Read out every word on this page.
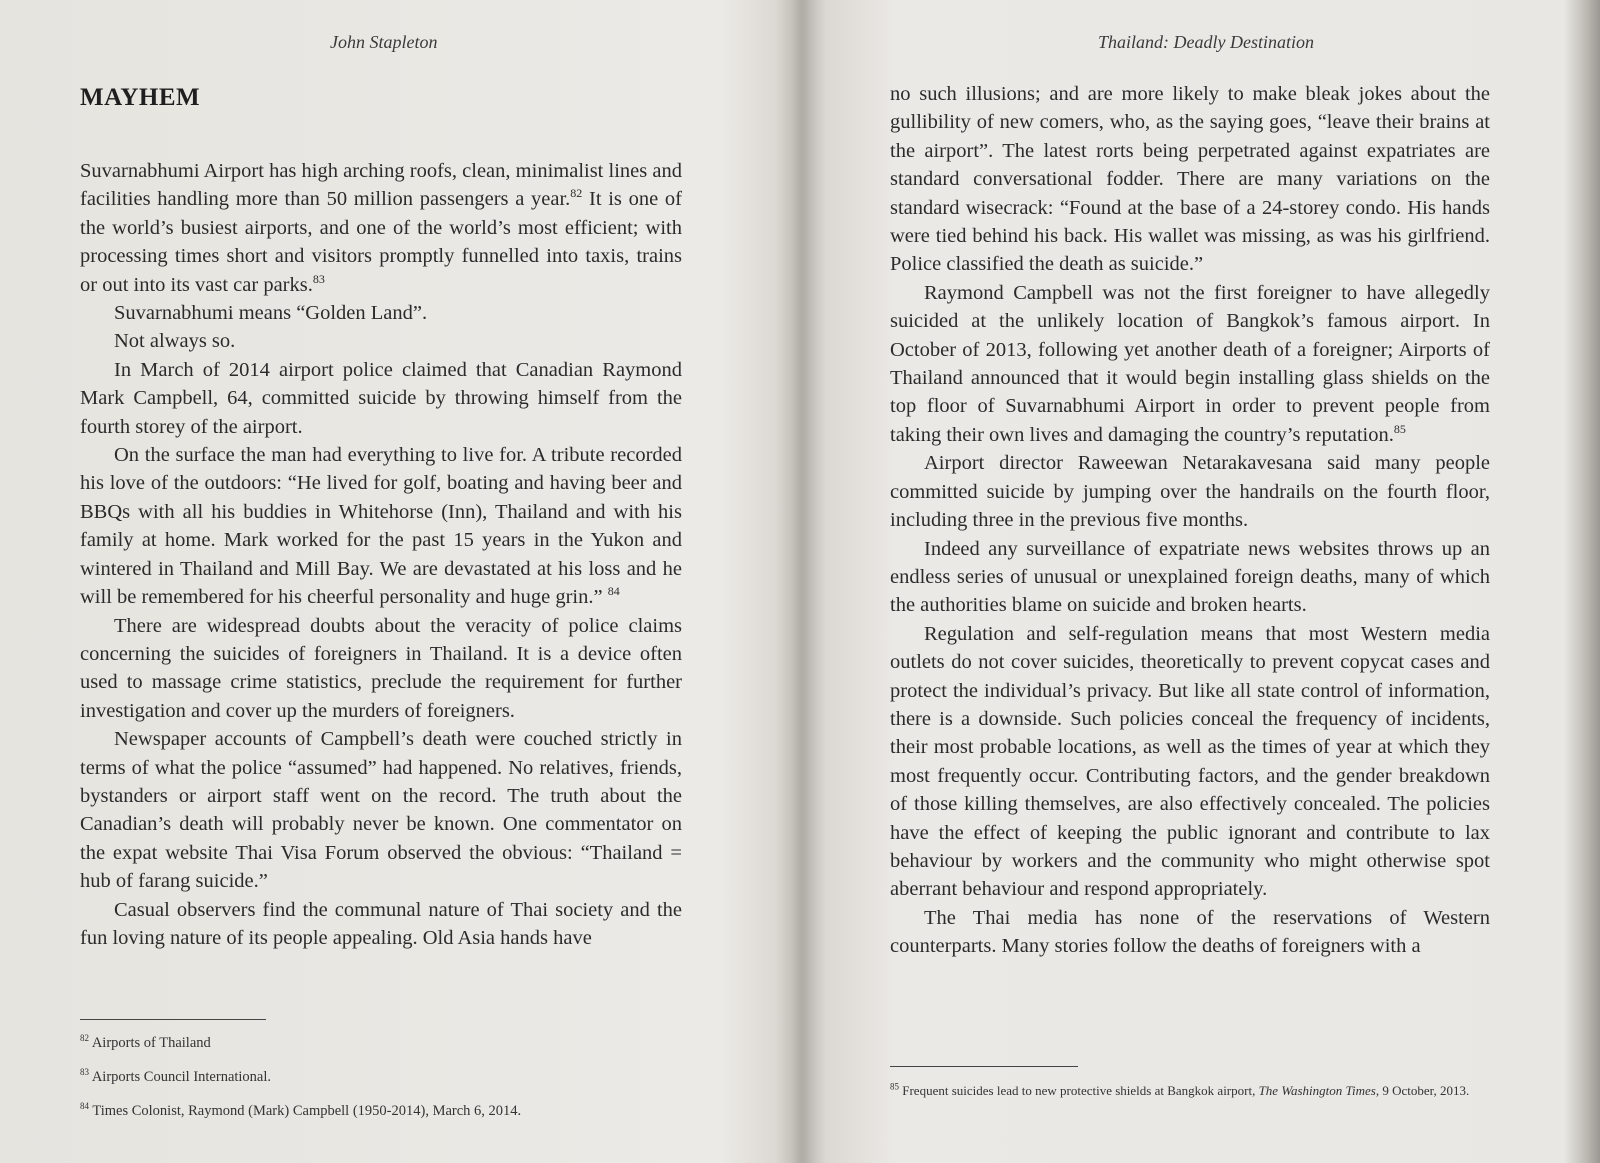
John Stapleton
MAYHEM

Suvarnabhumi Airport has high arching roofs, clean, minimalist lines and facilities handling more than 50 million passengers a year.$^{82}$ It is one of the world’s busiest airports, and one of the world’s most efficient; with processing times short and visitors promptly funnelled into taxis, trains or out into its vast car parks.$^{83}$

Suvarnabhumi means “Golden Land”.

Not always so.

In March of 2014 airport police claimed that Canadian Raymond Mark Campbell, 64, committed suicide by throwing himself from the fourth storey of the airport.

On the surface the man had everything to live for. A tribute recorded his love of the outdoors: “He lived for golf, boating and having beer and BBQs with all his buddies in Whitehorse (Inn), Thailand and with his family at home. Mark worked for the past 15 years in the Yukon and wintered in Thailand and Mill Bay. We are devastated at his loss and he will be remembered for his cheerful personality and huge grin.” $^{84}$

There are widespread doubts about the veracity of police claims concerning the suicides of foreigners in Thailand. It is a device often used to massage crime statistics, preclude the requirement for further investigation and cover up the murders of foreigners.

Newspaper accounts of Campbell’s death were couched strictly in terms of what the police “assumed” had happened. No relatives, friends, bystanders or airport staff went on the record. The truth about the Canadian’s death will probably never be known. One commentator on the expat website Thai Visa Forum observed the obvious: “Thailand = hub of farang suicide.”

Casual observers find the communal nature of Thai society and the fun loving nature of its people appealing. Old Asia hands have

$^{82}$ Airports of Thailand
$^{83}$ Airports Council International.
$^{84}$ Times Colonist, Raymond (Mark) Campbell (1950-2014), March 6, 2014.
Thailand: Deadly Destination

no such illusions; and are more likely to make bleak jokes about the gullibility of new comers, who, as the saying goes, “leave their brains at the airport”. The latest rorts being perpetrated against expatriates are standard conversational fodder. There are many variations on the standard wisecrack: “Found at the base of a 24-storey condo. His hands were tied behind his back. His wallet was missing, as was his girlfriend. Police classified the death as suicide.”

Raymond Campbell was not the first foreigner to have allegedly suicided at the unlikely location of Bangkok’s famous airport. In October of 2013, following yet another death of a foreigner; Airports of Thailand announced that it would begin installing glass shields on the top floor of Suvarnabhumi Airport in order to prevent people from taking their own lives and damaging the country’s reputation.$^{85}$

Airport director Raweewan Netarakavesana said many people committed suicide by jumping over the handrails on the fourth floor, including three in the previous five months.

Indeed any surveillance of expatriate news websites throws up an endless series of unusual or unexplained foreign deaths, many of which the authorities blame on suicide and broken hearts.

Regulation and self-regulation means that most Western media outlets do not cover suicides, theoretically to prevent copycat cases and protect the individual’s privacy. But like all state control of information, there is a downside. Such policies conceal the frequency of incidents, their most probable locations, as well as the times of year at which they most frequently occur. Contributing factors, and the gender breakdown of those killing themselves, are also effectively concealed. The policies have the effect of keeping the public ignorant and contribute to lax behaviour by workers and the community who might otherwise spot aberrant behaviour and respond appropriately.

The Thai media has none of the reservations of Western counterparts. Many stories follow the deaths of foreigners with a

$^{85}$ Frequent suicides lead to new protective shields at Bangkok airport, The Washington Times, 9 October, 2013.
